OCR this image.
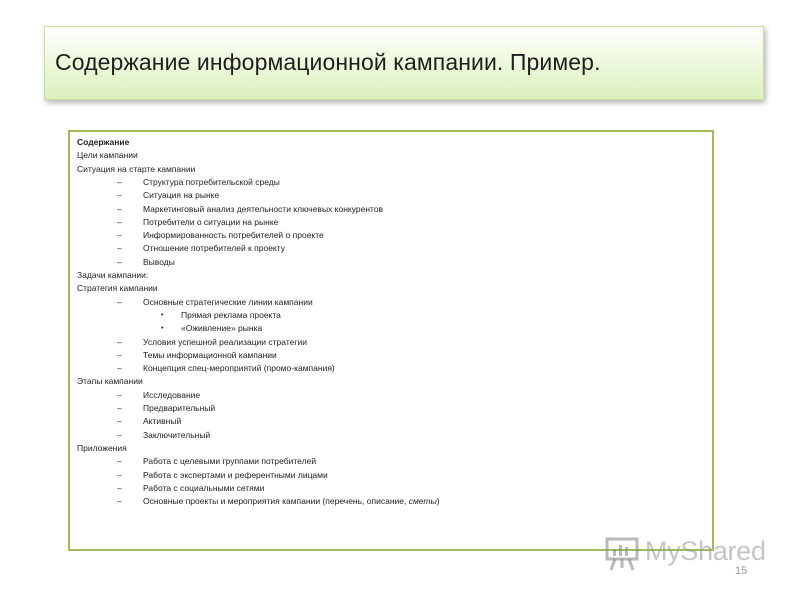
Содержание информационной кампании. Пример.
Содержание
Цели кампании
Ситуация на старте кампании
–	Структура потребительской среды
–	Ситуация на рынке
–	Маркетинговый анализ деятельности ключевых конкурентов
–	Потребители о ситуации на рынке
–	Информированность потребителей о проекте
–	Отношение потребителей к проекту
–	Выводы
Задачи кампании:
Стратегия кампании
–	Основные стратегические линии кампании
• Прямая реклама проекта
• «Оживление» рынка
–	Условия успешной реализации стратегии
–	Темы информационной кампании
–	Концепция спец-мероприятий (промо-кампания)
Этапы кампании
–	Исследование
–	Предварительный
–	Активный
–	Заключительный
Приложения
–	Работа с целевыми группами потребителей
–	Работа с экспертами и референтными лицами
–	Работа с социальными сетями
–	Основные проекты и мероприятия кампании (перечень, описание, сметы)
MyShared
15
